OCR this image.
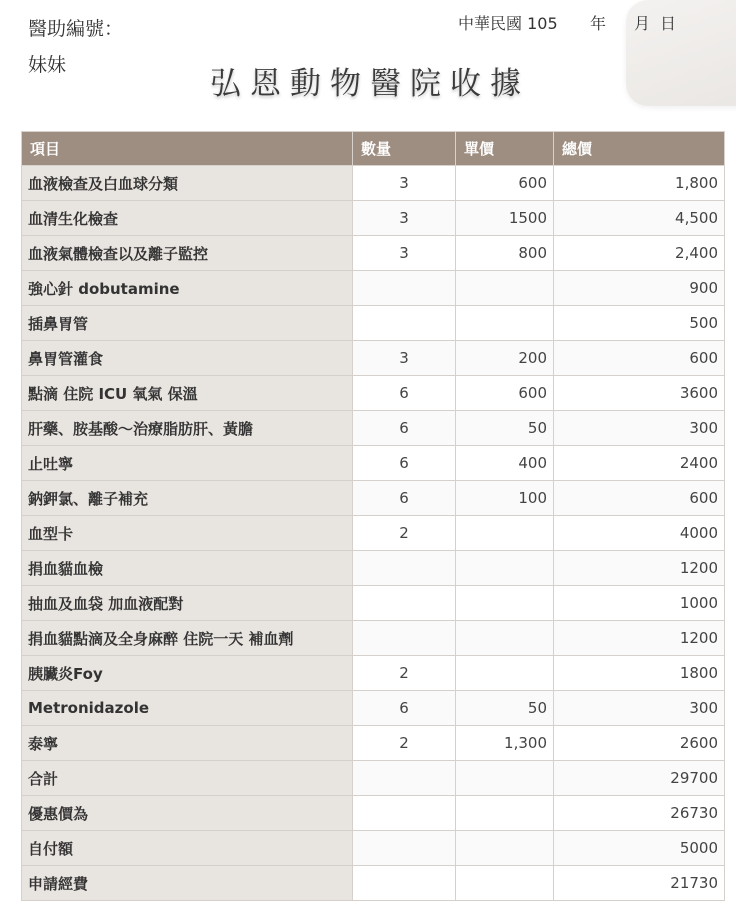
醫助編號：
妹妹
中華民國 105	年	月 日
弘恩動物醫院收據
項目	數量	單價	總價
血液檢查及白血球分類	3	600	1,800
血清生化檢查	3	1500	4,500
血液氣體檢查以及離子監控	3	800	2,400
強心針 dobutamine			900
插鼻胃管			500
鼻胃管灌食	3	200	600
點滴 住院 ICU 氧氣 保溫	6	600	3600
肝藥、胺基酸～治療脂肪肝、黃膽	6	50	300
止吐寧	6	400	2400
鈉鉀氯、離子補充	6	100	600
血型卡	2		4000
捐血貓血檢			1200
抽血及血袋 加血液配對			1000
捐血貓點滴及全身麻醉 住院一天 補血劑			1200
胰臟炎Foy	2		1800
Metronidazole	6	50	300
泰寧	2	1,300	2600
合計			29700
優惠價為			26730
自付額			5000
申請經費			21730
